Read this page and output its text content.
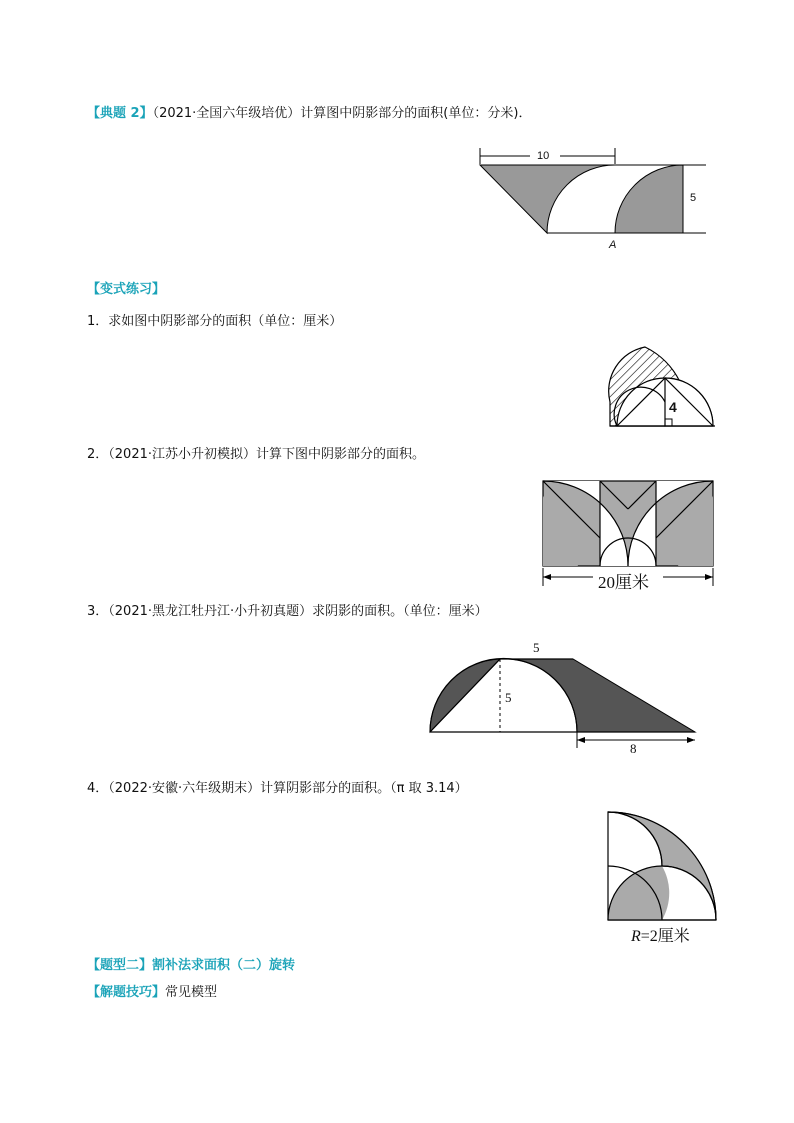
【典题 2】（2021·全国六年级培优）计算图中阴影部分的面积(单位：分米)．
10
5
A
【变式练习】
1．求如图中阴影部分的面积（单位：厘米）
4
2．（2021·江苏小升初模拟）计算下图中阴影部分的面积。
20厘米
3．（2021·黑龙江牡丹江·小升初真题）求阴影的面积。（单位：厘米）
5
5
8
4．（2022·安徽·六年级期末）计算阴影部分的面积。（π 取 3.14）
R=2厘米
【题型二】割补法求面积（二）旋转
【解题技巧】常见模型
